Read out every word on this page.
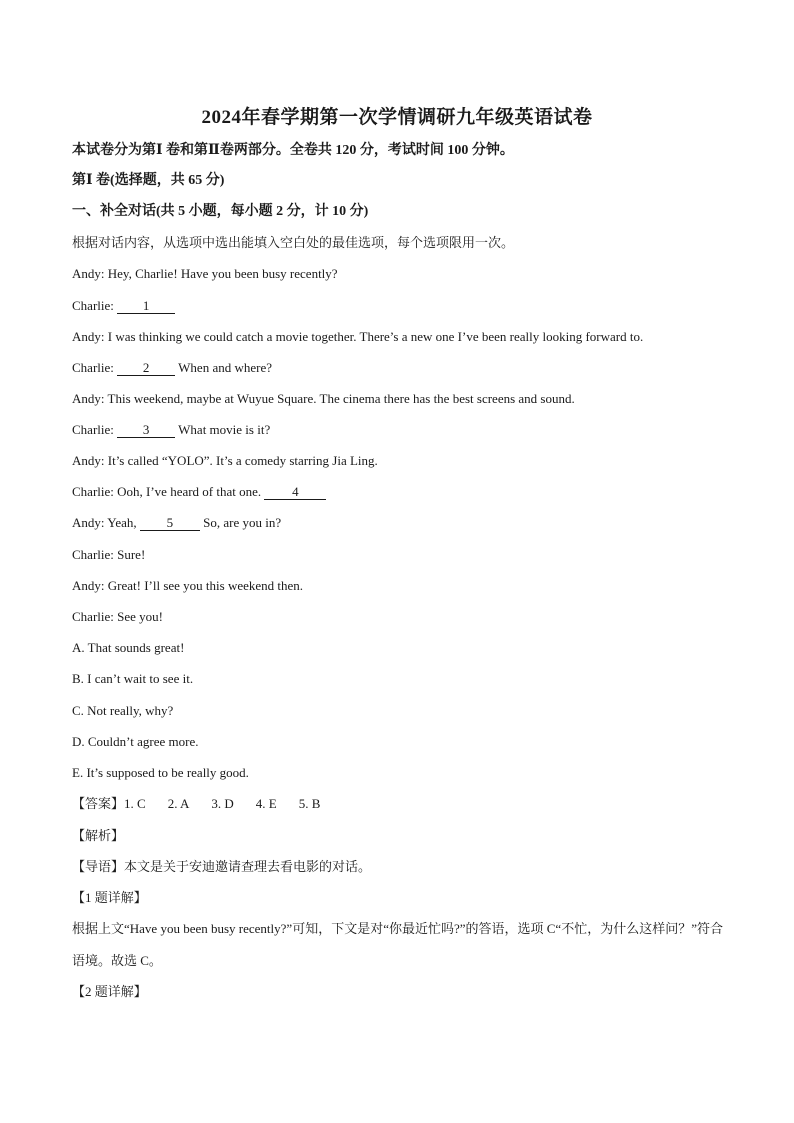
2024年春学期第一次学情调研九年级英语试卷
本试卷分为第Ⅰ 卷和第Ⅱ卷两部分。全卷共 120 分，考试时间 100 分钟。
第Ⅰ 卷(选择题，共 65 分)
一、补全对话(共 5 小题，每小题 2 分，计 10 分)
根据对话内容，从选项中选出能填入空白处的最佳选项，每个选项限用一次。
Andy: Hey, Charlie! Have you been busy recently?
Charlie: 1
Andy: I was thinking we could catch a movie together. There’s a new one I’ve been really looking forward to.
Charlie: 2 When and where?
Andy: This weekend, maybe at Wuyue Square. The cinema there has the best screens and sound.
Charlie: 3 What movie is it?
Andy: It’s called “YOLO”. It’s a comedy starring Jia Ling.
Charlie: Ooh, I’ve heard of that one. 4
Andy: Yeah, 5 So, are you in?
Charlie: Sure!
Andy: Great! I’ll see you this weekend then.
Charlie: See you!
A. That sounds great!
B. I can’t wait to see it.
C. Not really, why?
D. Couldn’t agree more.
E. It’s supposed to be really good.
【答案】1. C 2. A 3. D 4. E 5. B
【解析】
【导语】本文是关于安迪邀请查理去看电影的对话。
【1 题详解】
根据上文“Have you been busy recently?”可知，下文是对“你最近忙吗?”的答语，选项 C“不忙，为什么这样问？”符合语境。故选 C。
【2 题详解】
